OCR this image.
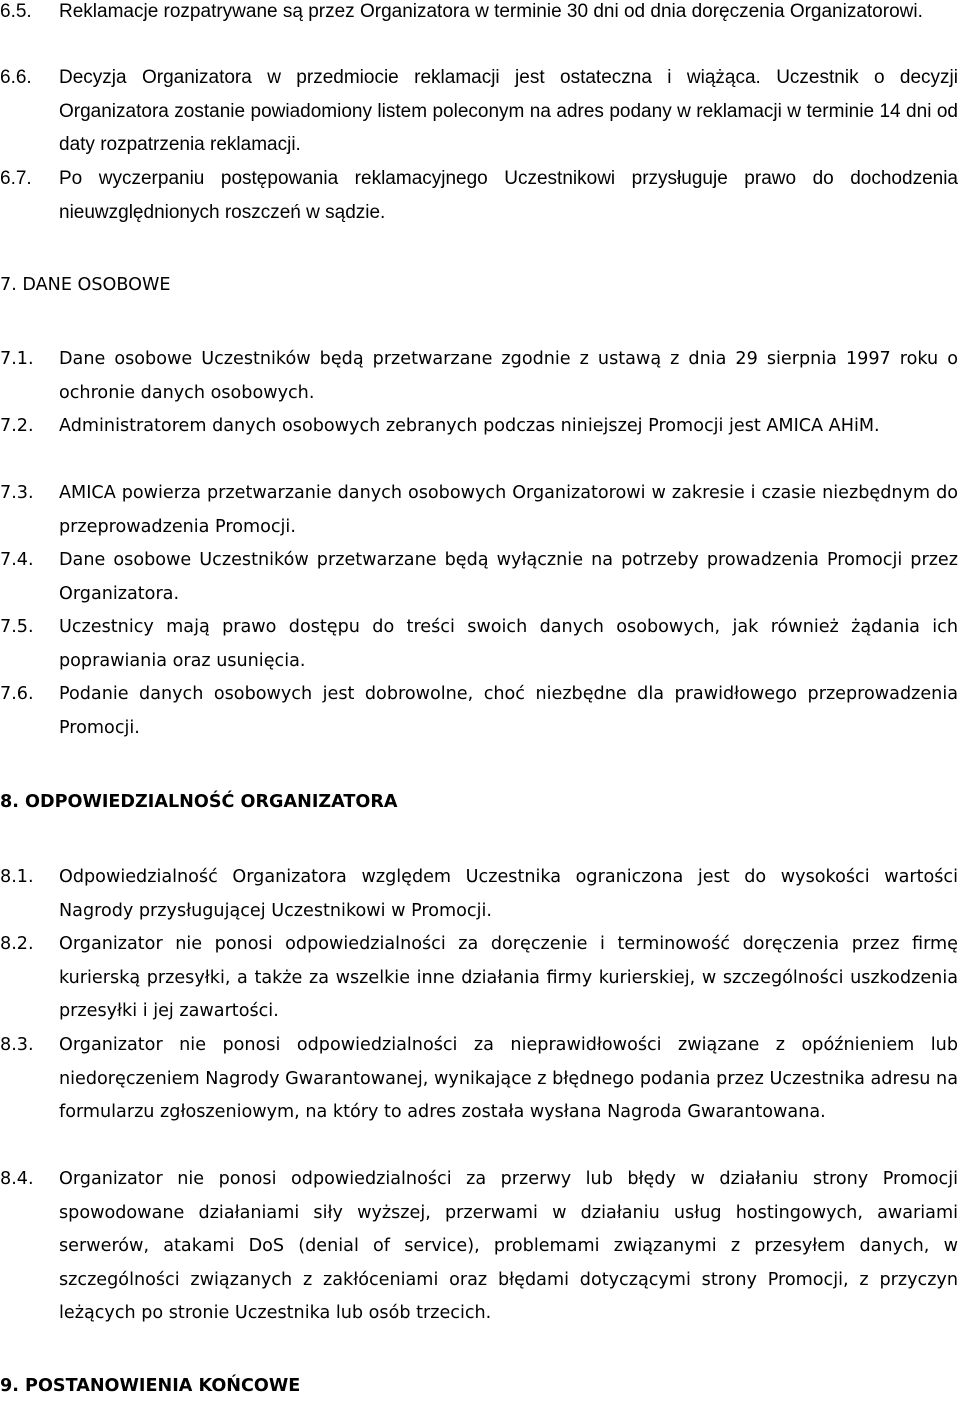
6.5. Reklamacje rozpatrywane są przez Organizatora w terminie 30 dni od dnia doręczenia Organizatorowi.
6.6. Decyzja Organizatora w przedmiocie reklamacji jest ostateczna i wiążąca. Uczestnik o decyzji Organizatora zostanie powiadomiony listem poleconym na adres podany w reklamacji w terminie 14 dni od daty rozpatrzenia reklamacji.
6.7. Po wyczerpaniu postępowania reklamacyjnego Uczestnikowi przysługuje prawo do dochodzenia nieuwzględnionych roszczeń w sądzie.
7. DANE OSOBOWE
7.1. Dane osobowe Uczestników będą przetwarzane zgodnie z ustawą z dnia 29 sierpnia 1997 roku o ochronie danych osobowych.
7.2. Administratorem danych osobowych zebranych podczas niniejszej Promocji jest AMICA AHiM.
7.3. AMICA powierza przetwarzanie danych osobowych Organizatorowi w zakresie i czasie niezbędnym do przeprowadzenia Promocji.
7.4. Dane osobowe Uczestników przetwarzane będą wyłącznie na potrzeby prowadzenia Promocji przez Organizatora.
7.5. Uczestnicy mają prawo dostępu do treści swoich danych osobowych, jak również żądania ich poprawiania oraz usunięcia.
7.6. Podanie danych osobowych jest dobrowolne, choć niezbędne dla prawidłowego przeprowadzenia Promocji.
8. ODPOWIEDZIALNOŚĆ ORGANIZATORA
8.1. Odpowiedzialność Organizatora względem Uczestnika ograniczona jest do wysokości wartości Nagrody przysługującej Uczestnikowi w Promocji.
8.2. Organizator nie ponosi odpowiedzialności za doręczenie i terminowość doręczenia przez firmę kurierską przesyłki, a także za wszelkie inne działania firmy kurierskiej, w szczególności uszkodzenia przesyłki i jej zawartości.
8.3. Organizator nie ponosi odpowiedzialności za nieprawidłowości związane z opóźnieniem lub niedoręczeniem Nagrody Gwarantowanej, wynikające z błędnego podania przez Uczestnika adresu na formularzu zgłoszeniowym, na który to adres została wysłana Nagroda Gwarantowana.
8.4. Organizator nie ponosi odpowiedzialności za przerwy lub błędy w działaniu strony Promocji spowodowane działaniami siły wyższej, przerwami w działaniu usług hostingowych, awariami serwerów, atakami DoS (denial of service), problemami związanymi z przesyłem danych, w szczególności związanych z zakłóceniami oraz błędami dotyczącymi strony Promocji, z przyczyn leżących po stronie Uczestnika lub osób trzecich.
9. POSTANOWIENIA KOŃCOWE
